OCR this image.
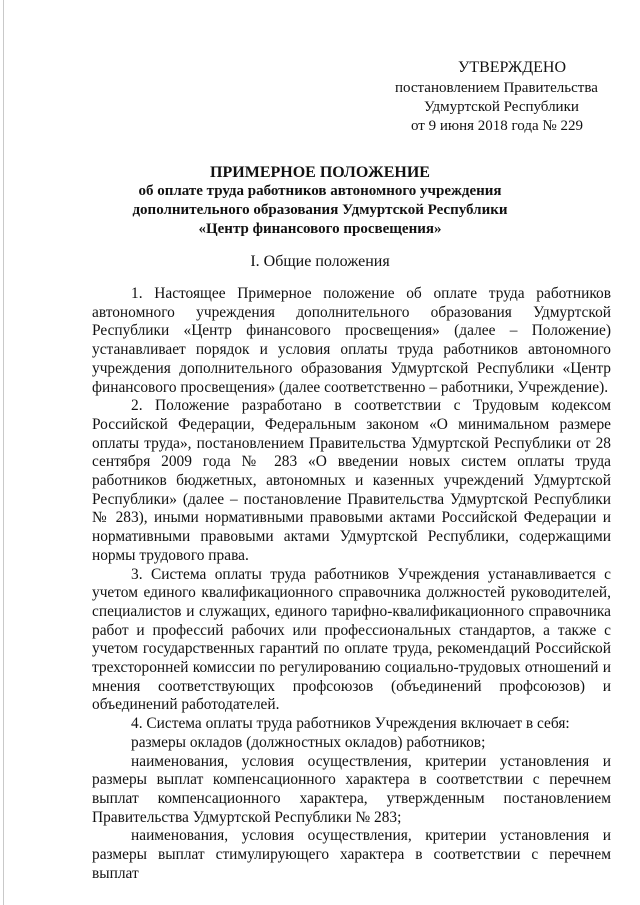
УТВЕРЖДЕНО
постановлением Правительства
Удмуртской Республики
от 9 июня 2018 года № 229
ПРИМЕРНОЕ ПОЛОЖЕНИЕ
об оплате труда работников автономного учреждения
дополнительного образования Удмуртской Республики
«Центр финансового просвещения»
I. Общие положения

1. Настоящее Примерное положение об оплате труда работников автономного учреждения дополнительного образования Удмуртской Республики «Центр финансового просвещения» (далее – Положение) устанавливает порядок и условия оплаты труда работников автономного учреждения дополнительного образования Удмуртской Республики «Центр финансового просвещения» (далее соответственно – работники, Учреждение).

2. Положение разработано в соответствии с Трудовым кодексом Российской Федерации, Федеральным законом «О минимальном размере оплаты труда», постановлением Правительства Удмуртской Республики от 28 сентября 2009 года № 283 «О введении новых систем оплаты труда работников бюджетных, автономных и казенных учреждений Удмуртской Республики» (далее – постановление Правительства Удмуртской Республики № 283), иными нормативными правовыми актами Российской Федерации и нормативными правовыми актами Удмуртской Республики, содержащими нормы трудового права.

3. Система оплаты труда работников Учреждения устанавливается с учетом единого квалификационного справочника должностей руководителей, специалистов и служащих, единого тарифно-квалификационного справочника работ и профессий рабочих или профессиональных стандартов, а также с учетом государственных гарантий по оплате труда, рекомендаций Российской трехсторонней комиссии по регулированию социально-трудовых отношений и мнения соответствующих профсоюзов (объединений профсоюзов) и объединений работодателей.

4. Система оплаты труда работников Учреждения включает в себя:

размеры окладов (должностных окладов) работников;

наименования, условия осуществления, критерии установления и размеры выплат компенсационного характера в соответствии с перечнем выплат компенсационного характера, утвержденным постановлением Правительства Удмуртской Республики № 283;

наименования, условия осуществления, критерии установления и размеры выплат стимулирующего характера в соответствии с перечнем выплат
